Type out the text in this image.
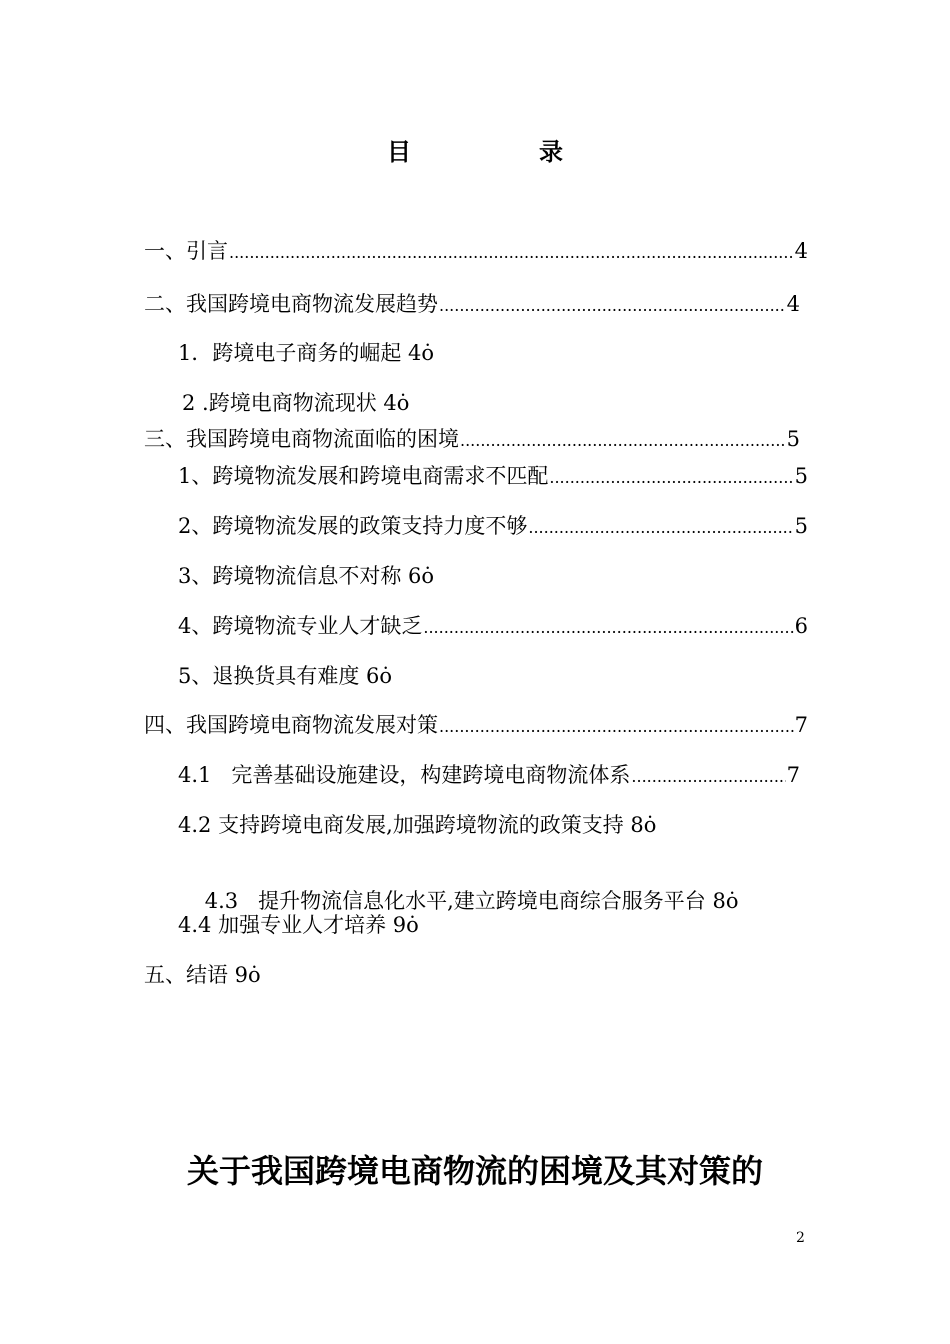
目	录
一、引言 .....	4
二、我国跨境电商物流发展趋势 .....	4
1．跨境电子商务的崛起 4ȯ
2 .跨境电商物流现状 4ȯ
三、我国跨境电商物流面临的困境 .....	5
1、跨境物流发展和跨境电商需求不匹配 .....	5
2、跨境物流发展的政策支持力度不够 .....	5
3、跨境物流信息不对称 6ȯ
4、跨境物流专业人才缺乏 .....	6
5、退换货具有难度 6ȯ
四、我国跨境电商物流发展对策 .....	7
4.1   完善基础设施建设，构建跨境电商物流体系 .....	7
4.2 支持跨境电商发展,加强跨境物流的政策支持 8ȯ

4.3   提升物流信息化水平,建立跨境电商综合服务平台 8ȯ

4.4 加强专业人才培养 9ȯ
五、结语 9ȯ
关于我国跨境电商物流的困境及其对策的
2
